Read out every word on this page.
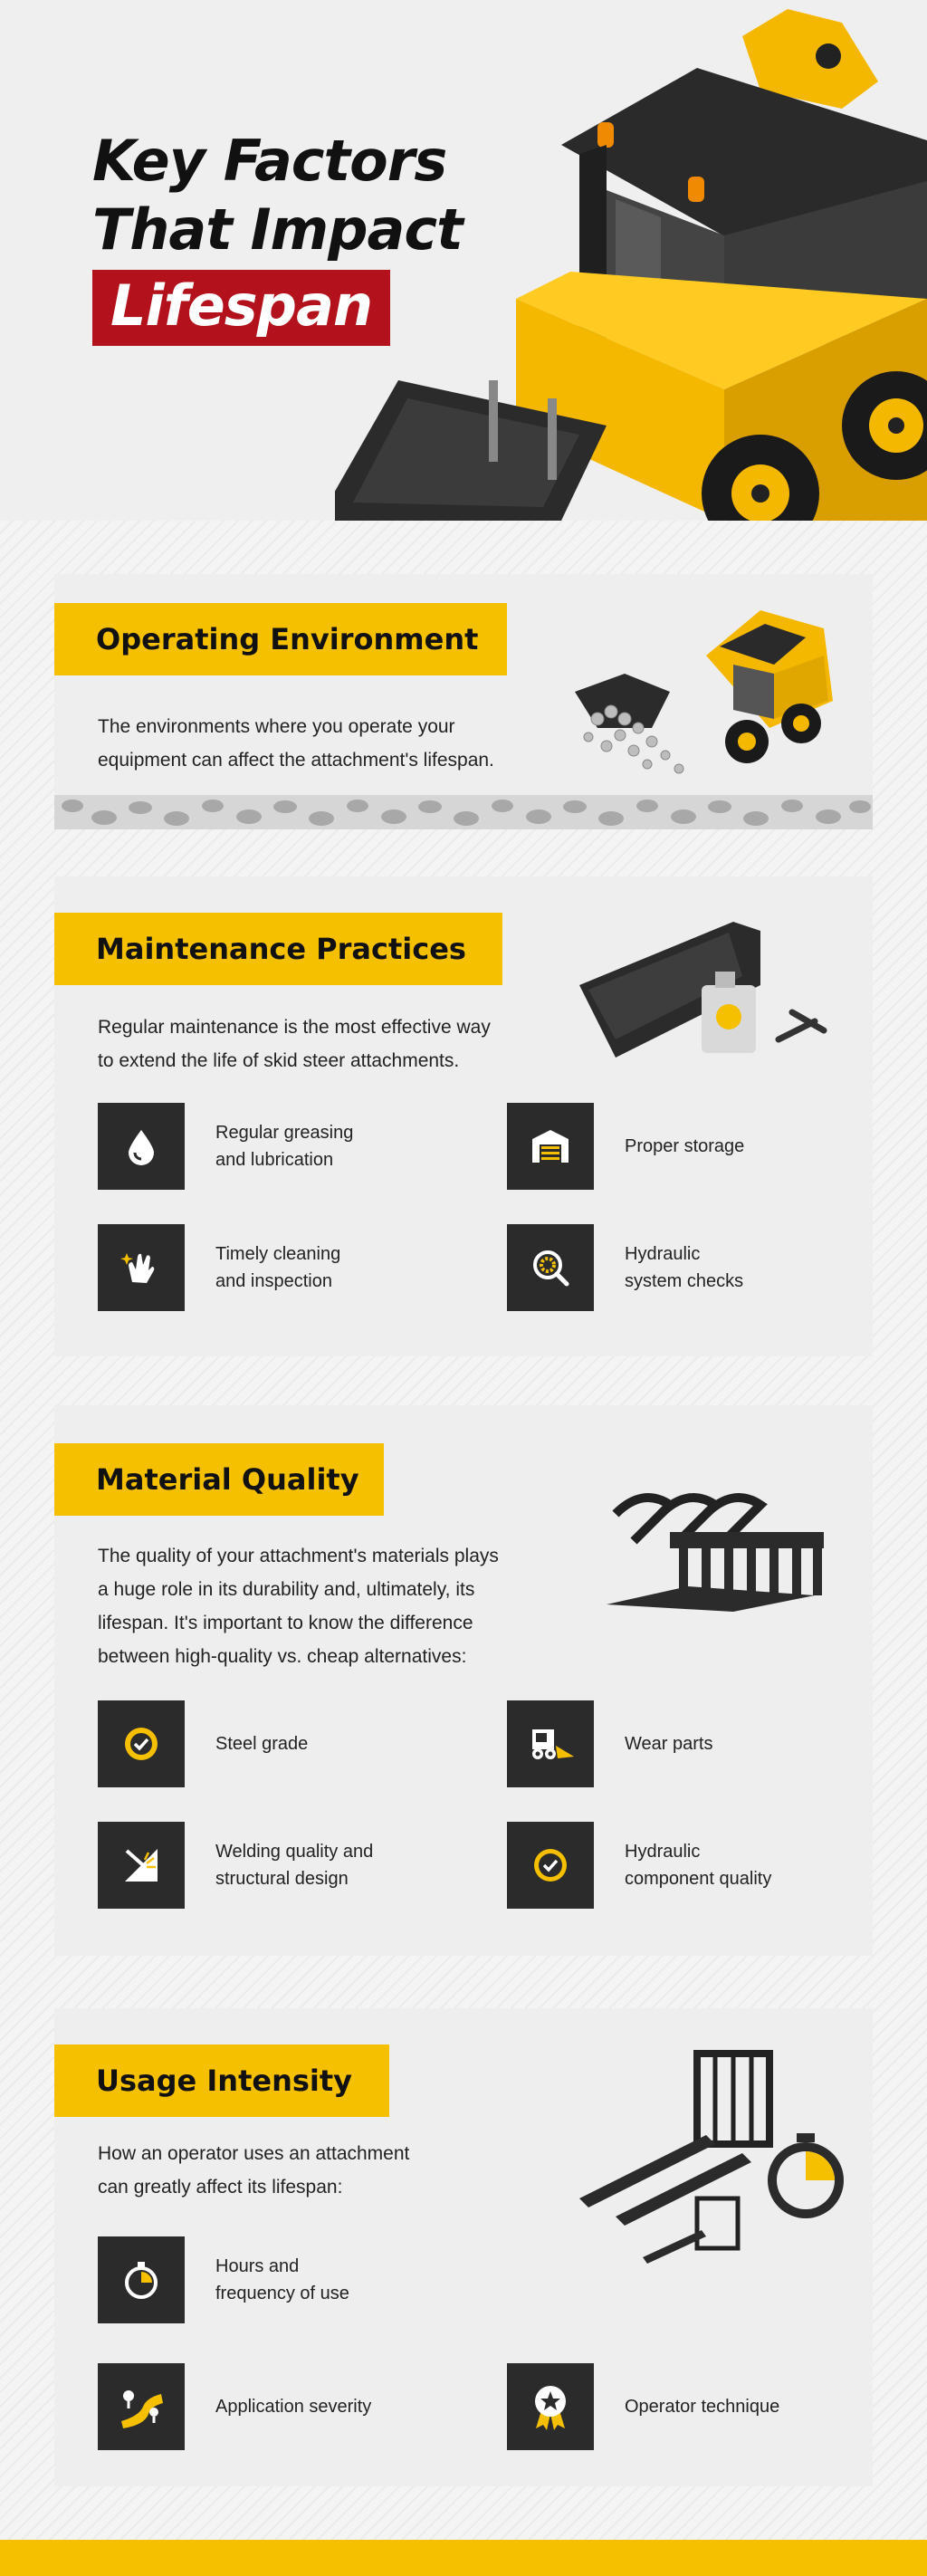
Key Factors
That Impact
Lifespan
Operating Environment
The environments where you operate your
equipment can affect the attachment's lifespan.
Maintenance Practices
Regular maintenance is the most effective way
to extend the life of skid steer attachments.
Regular greasing
and lubrication
Proper storage
Timely cleaning
and inspection
Hydraulic
system checks
Material Quality
The quality of your attachment's materials plays
a huge role in its durability and, ultimately, its
lifespan. It's important to know the difference
between high-quality vs. cheap alternatives:
Steel grade	Wear parts
Welding quality and
structural design
Hydraulic
component quality
Usage Intensity
How an operator uses an attachment
can greatly affect its lifespan:
Hours and
frequency of use
Application severity	Operator technique
